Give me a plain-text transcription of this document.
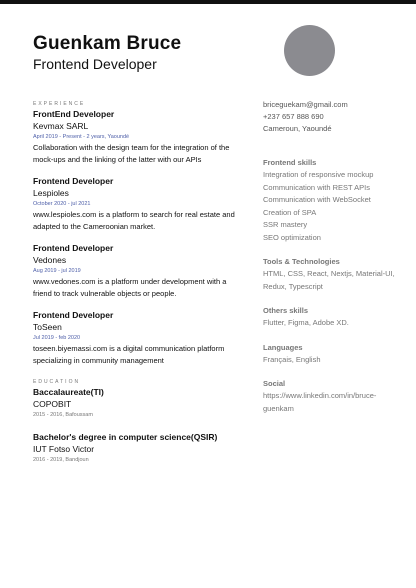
Guenkam Bruce
Frontend Developer
EXPERIENCE
FrontEnd Developer
Kevmax SARL
April 2019 - Present - 2 years, Yaoundé
Collaboration with the design team for the integration of the mock-ups and the linking of the latter with our APIs
Frontend Developer
Lespioles
October 2020 - jul 2021
www.lespioles.com is a platform to search for real estate and adapted to the Cameroonian market.
Frontend Developer
Vedones
Aug 2019 - jul 2019
www.vedones.com is a platform under development with a friend to track vulnerable objects or people.
Frontend Developer
ToSeen
Jul 2019 - feb 2020
toseen.biyemassi.com is a digital communication platform specializing in community management
EDUCATION
Baccalaureate(TI)
COPOBIT
2015 - 2016, Bafoussam
Bachelor's degree in computer science(QSIR)
IUT Fotso Victor
2016 - 2019, Bandjoun
briceguekam@gmail.com
+237 657 888 690
Cameroun, Yaoundé
Frontend skills
Integration of responsive mockup
Communication with REST APIs
Communication with WebSocket
Creation of SPA
SSR mastery
SEO optimization
Tools & Technologies
HTML, CSS, React, Nextjs, Material-UI,
Redux, Typescript
Others skills
Flutter, Figma, Adobe XD.
Languages
Français, English
Social
https://www.linkedin.com/in/bruce-
guenkam
